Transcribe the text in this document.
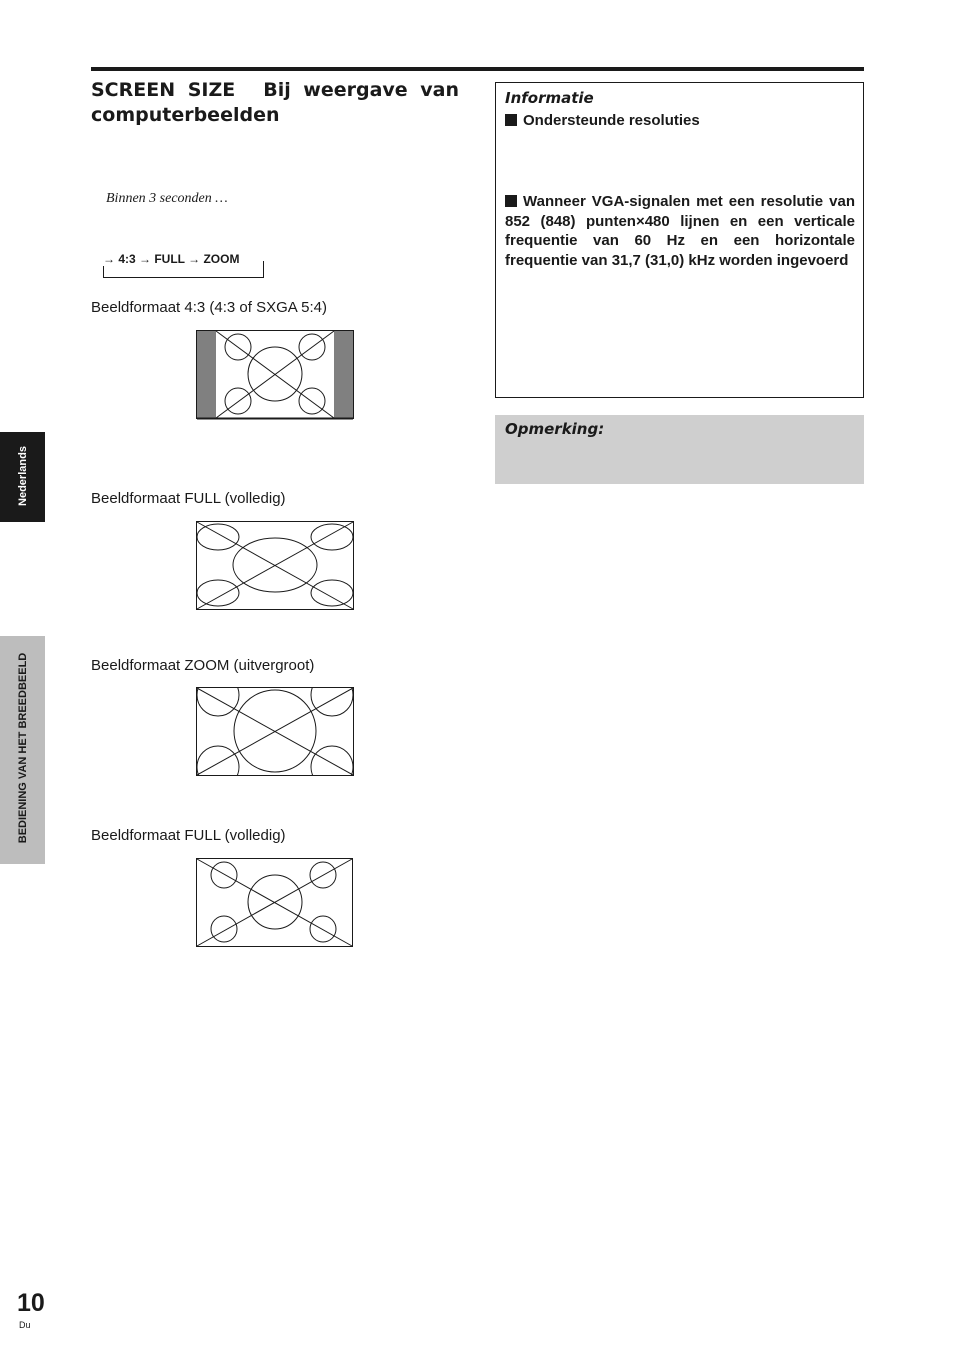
SCREEN SIZE Bij weergave van computerbeelden
Binnen 3 seconden …
→ 4:3 → FULL → ZOOM
Beeldformaat 4:3 (4:3 of SXGA 5:4)
Beeldformaat FULL (volledig)
Beeldformaat ZOOM (uitvergroot)
Beeldformaat FULL (volledig)
Informatie
Ondersteunde resoluties
Wanneer VGA-signalen met een resolutie van 852 (848) punten×480 lijnen en een verticale frequentie van 60 Hz en een horizontale frequentie van 31,7 (31,0) kHz worden ingevoerd
Opmerking:
Nederlands
BEDIENING VAN HET BREEDBEELD
10
Du
